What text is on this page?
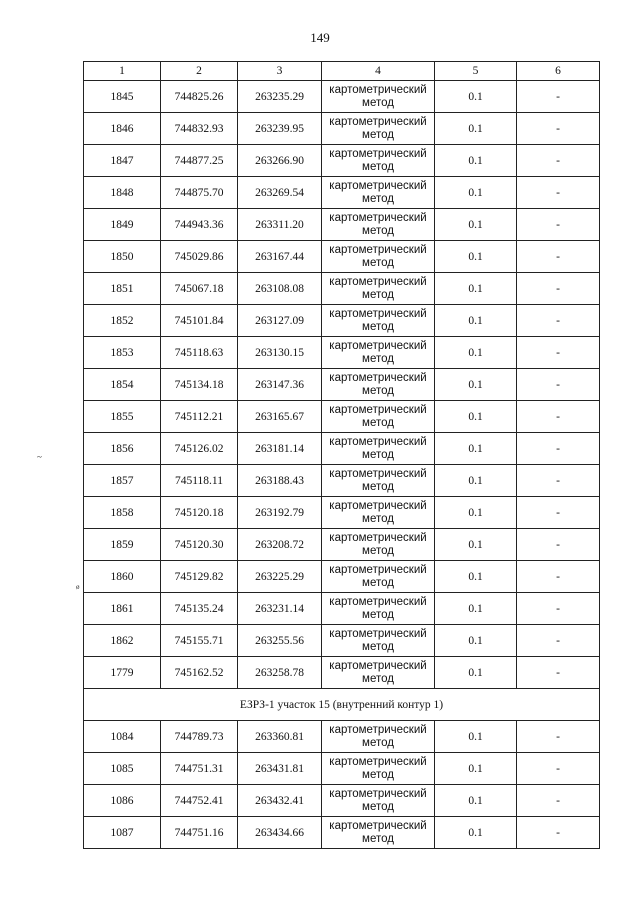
149
~
ø
1	2	3	4	5	6
1845	744825.26	263235.29	картометрический метод	0.1	-
1846	744832.93	263239.95	картометрический метод	0.1	-
1847	744877.25	263266.90	картометрический метод	0.1	-
1848	744875.70	263269.54	картометрический метод	0.1	-
1849	744943.36	263311.20	картометрический метод	0.1	-
1850	745029.86	263167.44	картометрический метод	0.1	-
1851	745067.18	263108.08	картометрический метод	0.1	-
1852	745101.84	263127.09	картометрический метод	0.1	-
1853	745118.63	263130.15	картометрический метод	0.1	-
1854	745134.18	263147.36	картометрический метод	0.1	-
1855	745112.21	263165.67	картометрический метод	0.1	-
1856	745126.02	263181.14	картометрический метод	0.1	-
1857	745118.11	263188.43	картометрический метод	0.1	-
1858	745120.18	263192.79	картометрический метод	0.1	-
1859	745120.30	263208.72	картометрический метод	0.1	-
1860	745129.82	263225.29	картометрический метод	0.1	-
1861	745135.24	263231.14	картометрический метод	0.1	-
1862	745155.71	263255.56	картометрический метод	0.1	-
1779	745162.52	263258.78	картометрический метод	0.1	-
ЕЗРЗ-1 участок 15 (внутренний контур 1)					
1084	744789.73	263360.81	картометрический метод	0.1	-
1085	744751.31	263431.81	картометрический метод	0.1	-
1086	744752.41	263432.41	картометрический метод	0.1	-
1087	744751.16	263434.66	картометрический метод	0.1	-
